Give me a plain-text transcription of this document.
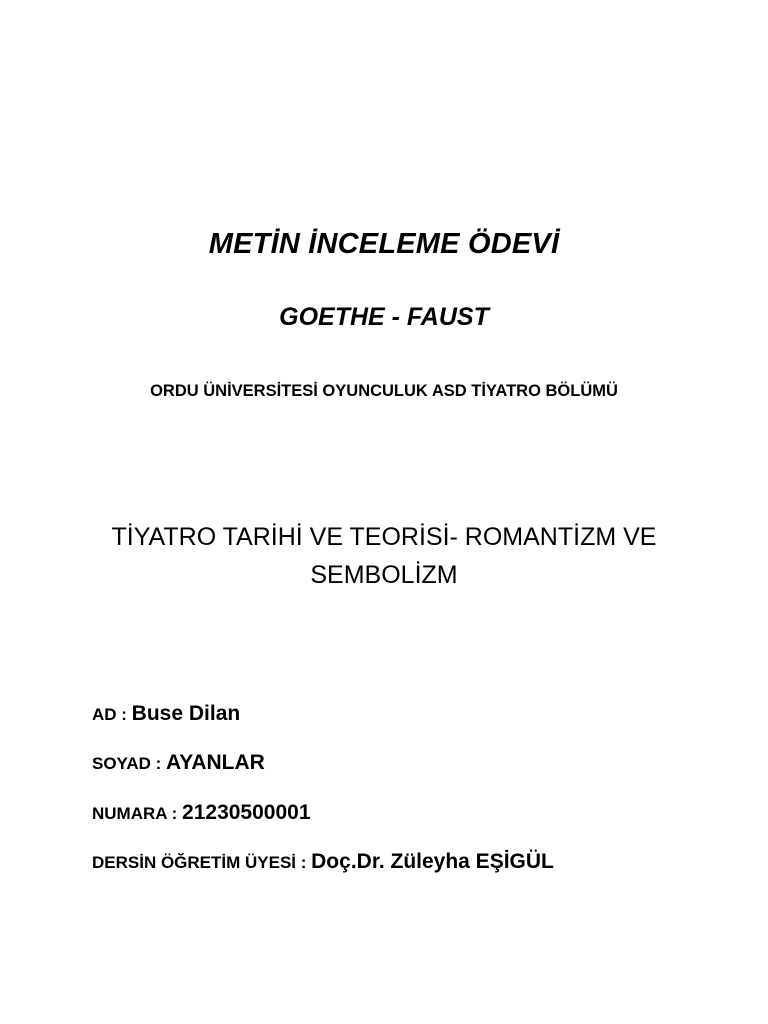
METİN İNCELEME ÖDEVİ
GOETHE - FAUST
ORDU ÜNİVERSİTESİ OYUNCULUK ASD TİYATRO BÖLÜMÜ
TİYATRO TARİHİ VE TEORİSİ- ROMANTİZM VE
SEMBOLİZM
AD : Buse Dilan
SOYAD : AYANLAR
NUMARA : 21230500001
DERSİN ÖĞRETİM ÜYESİ : Doç.Dr. Züleyha EŞİGÜL
